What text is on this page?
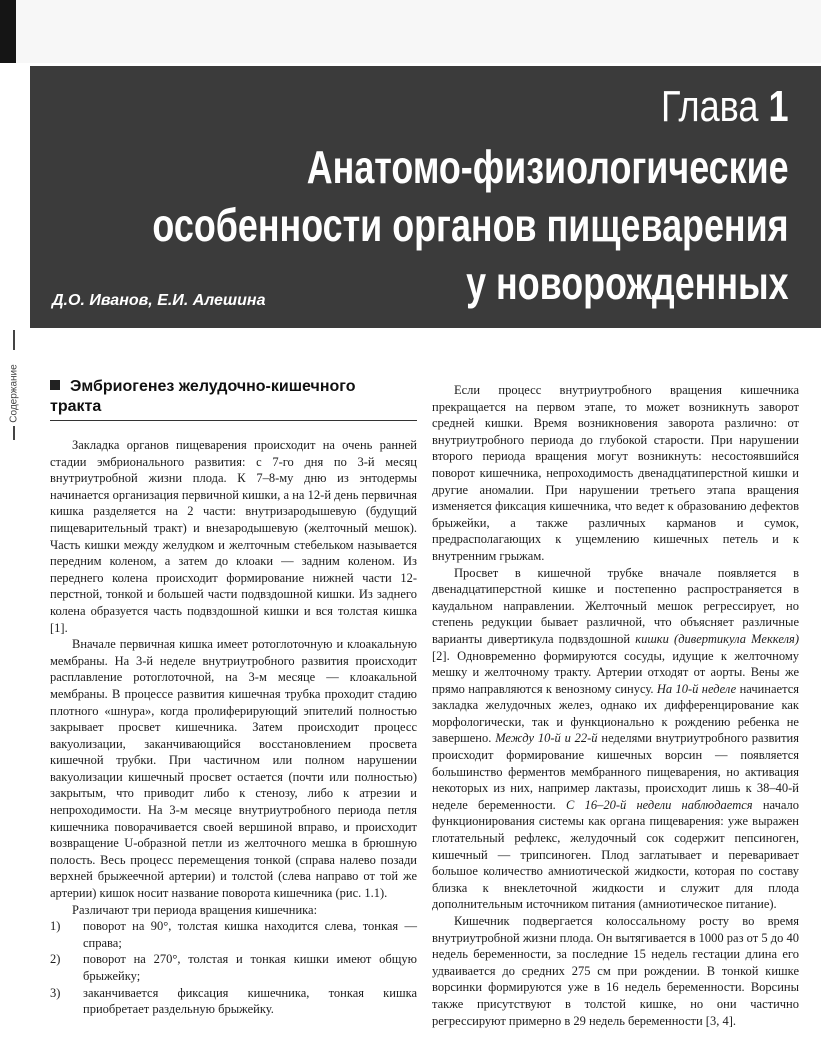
Глава 1
Анатомо-физиологические
особенности органов пищеварения
у новорожденных
Д.О. Иванов, Е.И. Алешина
Содержание	Эмбриогенез желудочно-кишечного
тракта

Закладка органов пищеварения происходит на очень ранней стадии эмбрионального развития: с 7-го дня по 3-й месяц внутриутробной жизни плода. К 7–8-му дню из энтодермы начинается организация первичной кишки, а на 12-й день первичная кишка разделяется на 2 части: внутризародышевую (будущий пищеварительный тракт) и внезародышевую (желточный мешок). Часть кишки между желудком и желточным стебельком называется передним коленом, а затем до клоаки — задним коленом. Из переднего колена происходит формирование нижней части 12-перстной, тонкой и большей части подвздошной кишки. Из заднего колена образуется часть подвздошной кишки и вся толстая кишка [1].

Вначале первичная кишка имеет ротоглоточную и клоакальную мембраны. На 3-й неделе внутриутробного развития происходит расплавление ротоглоточной, на 3-м месяце — клоакальной мембраны. В процессе развития кишечная трубка проходит стадию плотного «шнура», когда пролиферирующий эпителий полностью закрывает просвет кишечника. Затем происходит процесс вакуолизации, заканчивающийся восстановлением просвета кишечной трубки. При частичном или полном нарушении вакуолизации кишечный просвет остается (почти или полностью) закрытым, что приводит либо к стенозу, либо к атрезии и непроходимости. На 3-м месяце внутриутробного периода петля кишечника поворачивается своей вершиной вправо, и происходит возвращение U-образной петли из желточного мешка в брюшную полость. Весь процесс перемещения тонкой (справа налево позади верхней брыжеечной артерии) и толстой (слева направо от той же артерии) кишок носит название поворота кишечника (рис. 1.1).

Различают три периода вращения кишечника:

1) поворот на 90°, толстая кишка находится слева, тонкая — справа;
2) поворот на 270°, толстая и тонкая кишки имеют общую брыжейку;
3) заканчивается фиксация кишечника, тонкая кишка приобретает раздельную брыжейку.

Если процесс внутриутробного вращения кишечника прекращается на первом этапе, то может возникнуть заворот средней кишки. Время возникновения заворота различно: от внутриутробного периода до глубокой старости. При нарушении второго периода вращения могут возникнуть: несостоявшийся поворот кишечника, непроходимость двенадцатиперстной кишки и другие аномалии. При нарушении третьего этапа вращения изменяется фиксация кишечника, что ведет к образованию дефектов брыжейки, а также различных карманов и сумок, предрасполагающих к ущемлению кишечных петель и к внутренним грыжам.

Просвет в кишечной трубке вначале появляется в двенадцатиперстной кишке и постепенно распространяется в каудальном направлении. Желточный мешок регрессирует, но степень редукции бывает различной, что объясняет различные варианты дивертикула подвздошной кишки (дивертикула Меккеля) [2]. Одновременно формируются сосуды, идущие к желточному мешку и желточному тракту. Артерии отходят от аорты. Вены же прямо направляются к венозному синусу. На 10-й неделе начинается закладка желудочных желез, однако их дифференцирование как морфологически, так и функционально к рождению ребенка не завершено. Между 10-й и 22-й неделями внутриутробного развития происходит формирование кишечных ворсин — появляется большинство ферментов мембранного пищеварения, но активация некоторых из них, например лактазы, происходит лишь к 38–40-й неделе беременности. С 16–20-й недели наблюдается начало функционирования системы как органа пищеварения: уже выражен глотательный рефлекс, желудочный сок содержит пепсиноген, кишечный — трипсиноген. Плод заглатывает и переваривает большое количество амниотической жидкости, которая по составу близка к внеклеточной жидкости и служит для плода дополнительным источником питания (амниотическое питание).

Кишечник подвергается колоссальному росту во время внутриутробной жизни плода. Он вытягивается в 1000 раз от 5 до 40 недель беременности, за последние 15 недель гестации длина его удваивается до средних 275 см при рождении. В тонкой кишке ворсинки формируются уже в 16 недель беременности. Ворсины также присутствуют в толстой кишке, но они частично регрессируют примерно в 29 недель беременности [3, 4].
